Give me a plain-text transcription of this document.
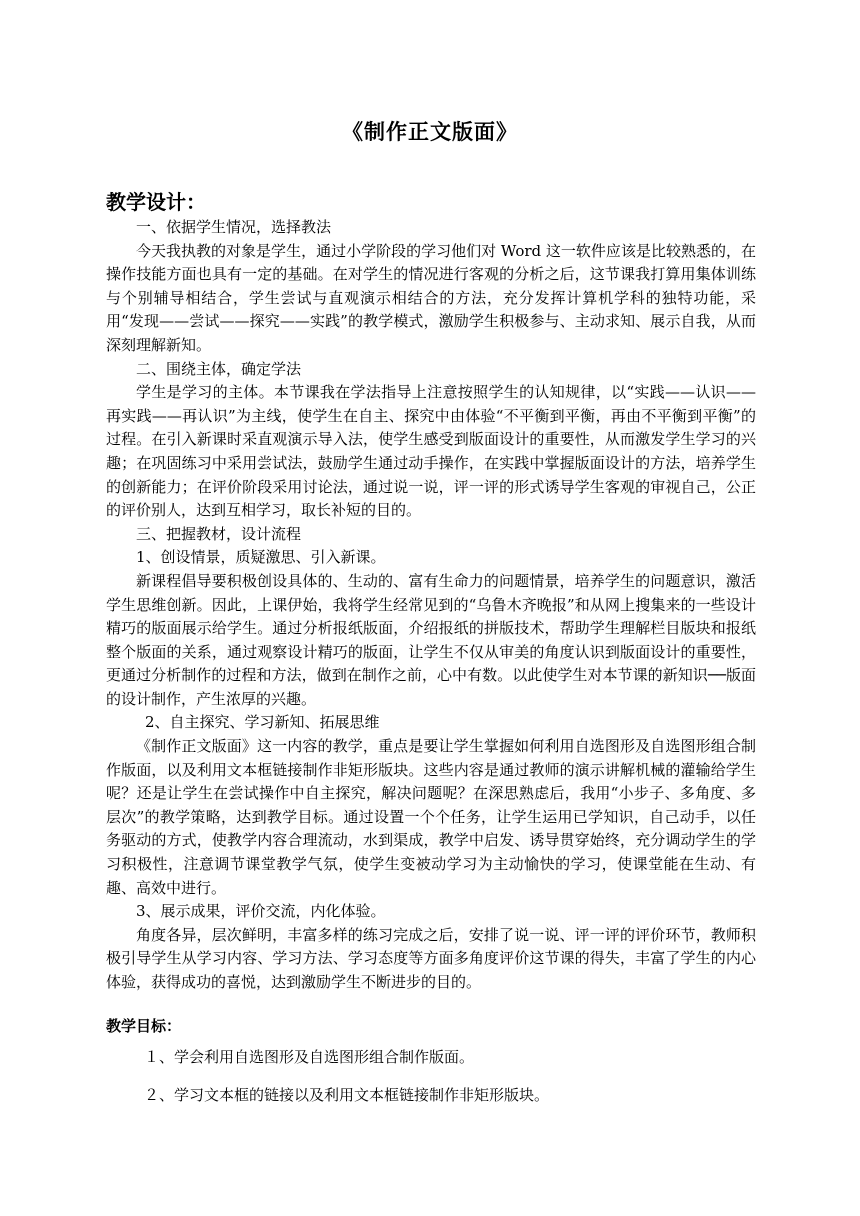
《制作正文版面》
教学设计：

一、依据学生情况，选择教法

今天我执教的对象是学生，通过小学阶段的学习他们对 Word 这一软件应该是比较熟悉的，在操作技能方面也具有一定的基础。在对学生的情况进行客观的分析之后，这节课我打算用集体训练与个别辅导相结合，学生尝试与直观演示相结合的方法，充分发挥计算机学科的独特功能，采用“发现——尝试——探究——实践”的教学模式，激励学生积极参与、主动求知、展示自我，从而深刻理解新知。

二、围绕主体，确定学法

学生是学习的主体。本节课我在学法指导上注意按照学生的认知规律，以“实践——认识——再实践——再认识”为主线，使学生在自主、探究中由体验“不平衡到平衡，再由不平衡到平衡”的过程。在引入新课时采直观演示导入法，使学生感受到版面设计的重要性，从而激发学生学习的兴趣；在巩固练习中采用尝试法，鼓励学生通过动手操作，在实践中掌握版面设计的方法，培养学生的创新能力；在评价阶段采用讨论法，通过说一说，评一评的形式诱导学生客观的审视自己，公正的评价别人，达到互相学习，取长补短的目的。

三、把握教材，设计流程

1、创设情景，质疑激思、引入新课。

新课程倡导要积极创设具体的、生动的、富有生命力的问题情景，培养学生的问题意识，激活学生思维创新。因此，上课伊始，我将学生经常见到的“乌鲁木齐晚报”和从网上搜集来的一些设计精巧的版面展示给学生。通过分析报纸版面，介绍报纸的拼版技术，帮助学生理解栏目版块和报纸整个版面的关系，通过观察设计精巧的版面，让学生不仅从审美的角度认识到版面设计的重要性，更通过分析制作的过程和方法，做到在制作之前，心中有数。以此使学生对本节课的新知识──版面的设计制作，产生浓厚的兴趣。

2、自主探究、学习新知、拓展思维

《制作正文版面》这一内容的教学，重点是要让学生掌握如何利用自选图形及自选图形组合制作版面，以及利用文本框链接制作非矩形版块。这些内容是通过教师的演示讲解机械的灌输给学生呢？还是让学生在尝试操作中自主探究，解决问题呢？在深思熟虑后，我用“小步子、多角度、多层次”的教学策略，达到教学目标。通过设置一个个任务，让学生运用已学知识，自己动手，以任务驱动的方式，使教学内容合理流动，水到渠成，教学中启发、诱导贯穿始终，充分调动学生的学习积极性，注意调节课堂教学气氛，使学生变被动学习为主动愉快的学习，使课堂能在生动、有趣、高效中进行。

3、展示成果，评价交流，内化体验。

角度各异，层次鲜明，丰富多样的练习完成之后，安排了说一说、评一评的评价环节，教师积极引导学生从学习内容、学习方法、学习态度等方面多角度评价这节课的得失，丰富了学生的内心体验，获得成功的喜悦，达到激励学生不断进步的目的。

教学目标：
１、学会利用自选图形及自选图形组合制作版面。
２、学习文本框的链接以及利用文本框链接制作非矩形版块。
